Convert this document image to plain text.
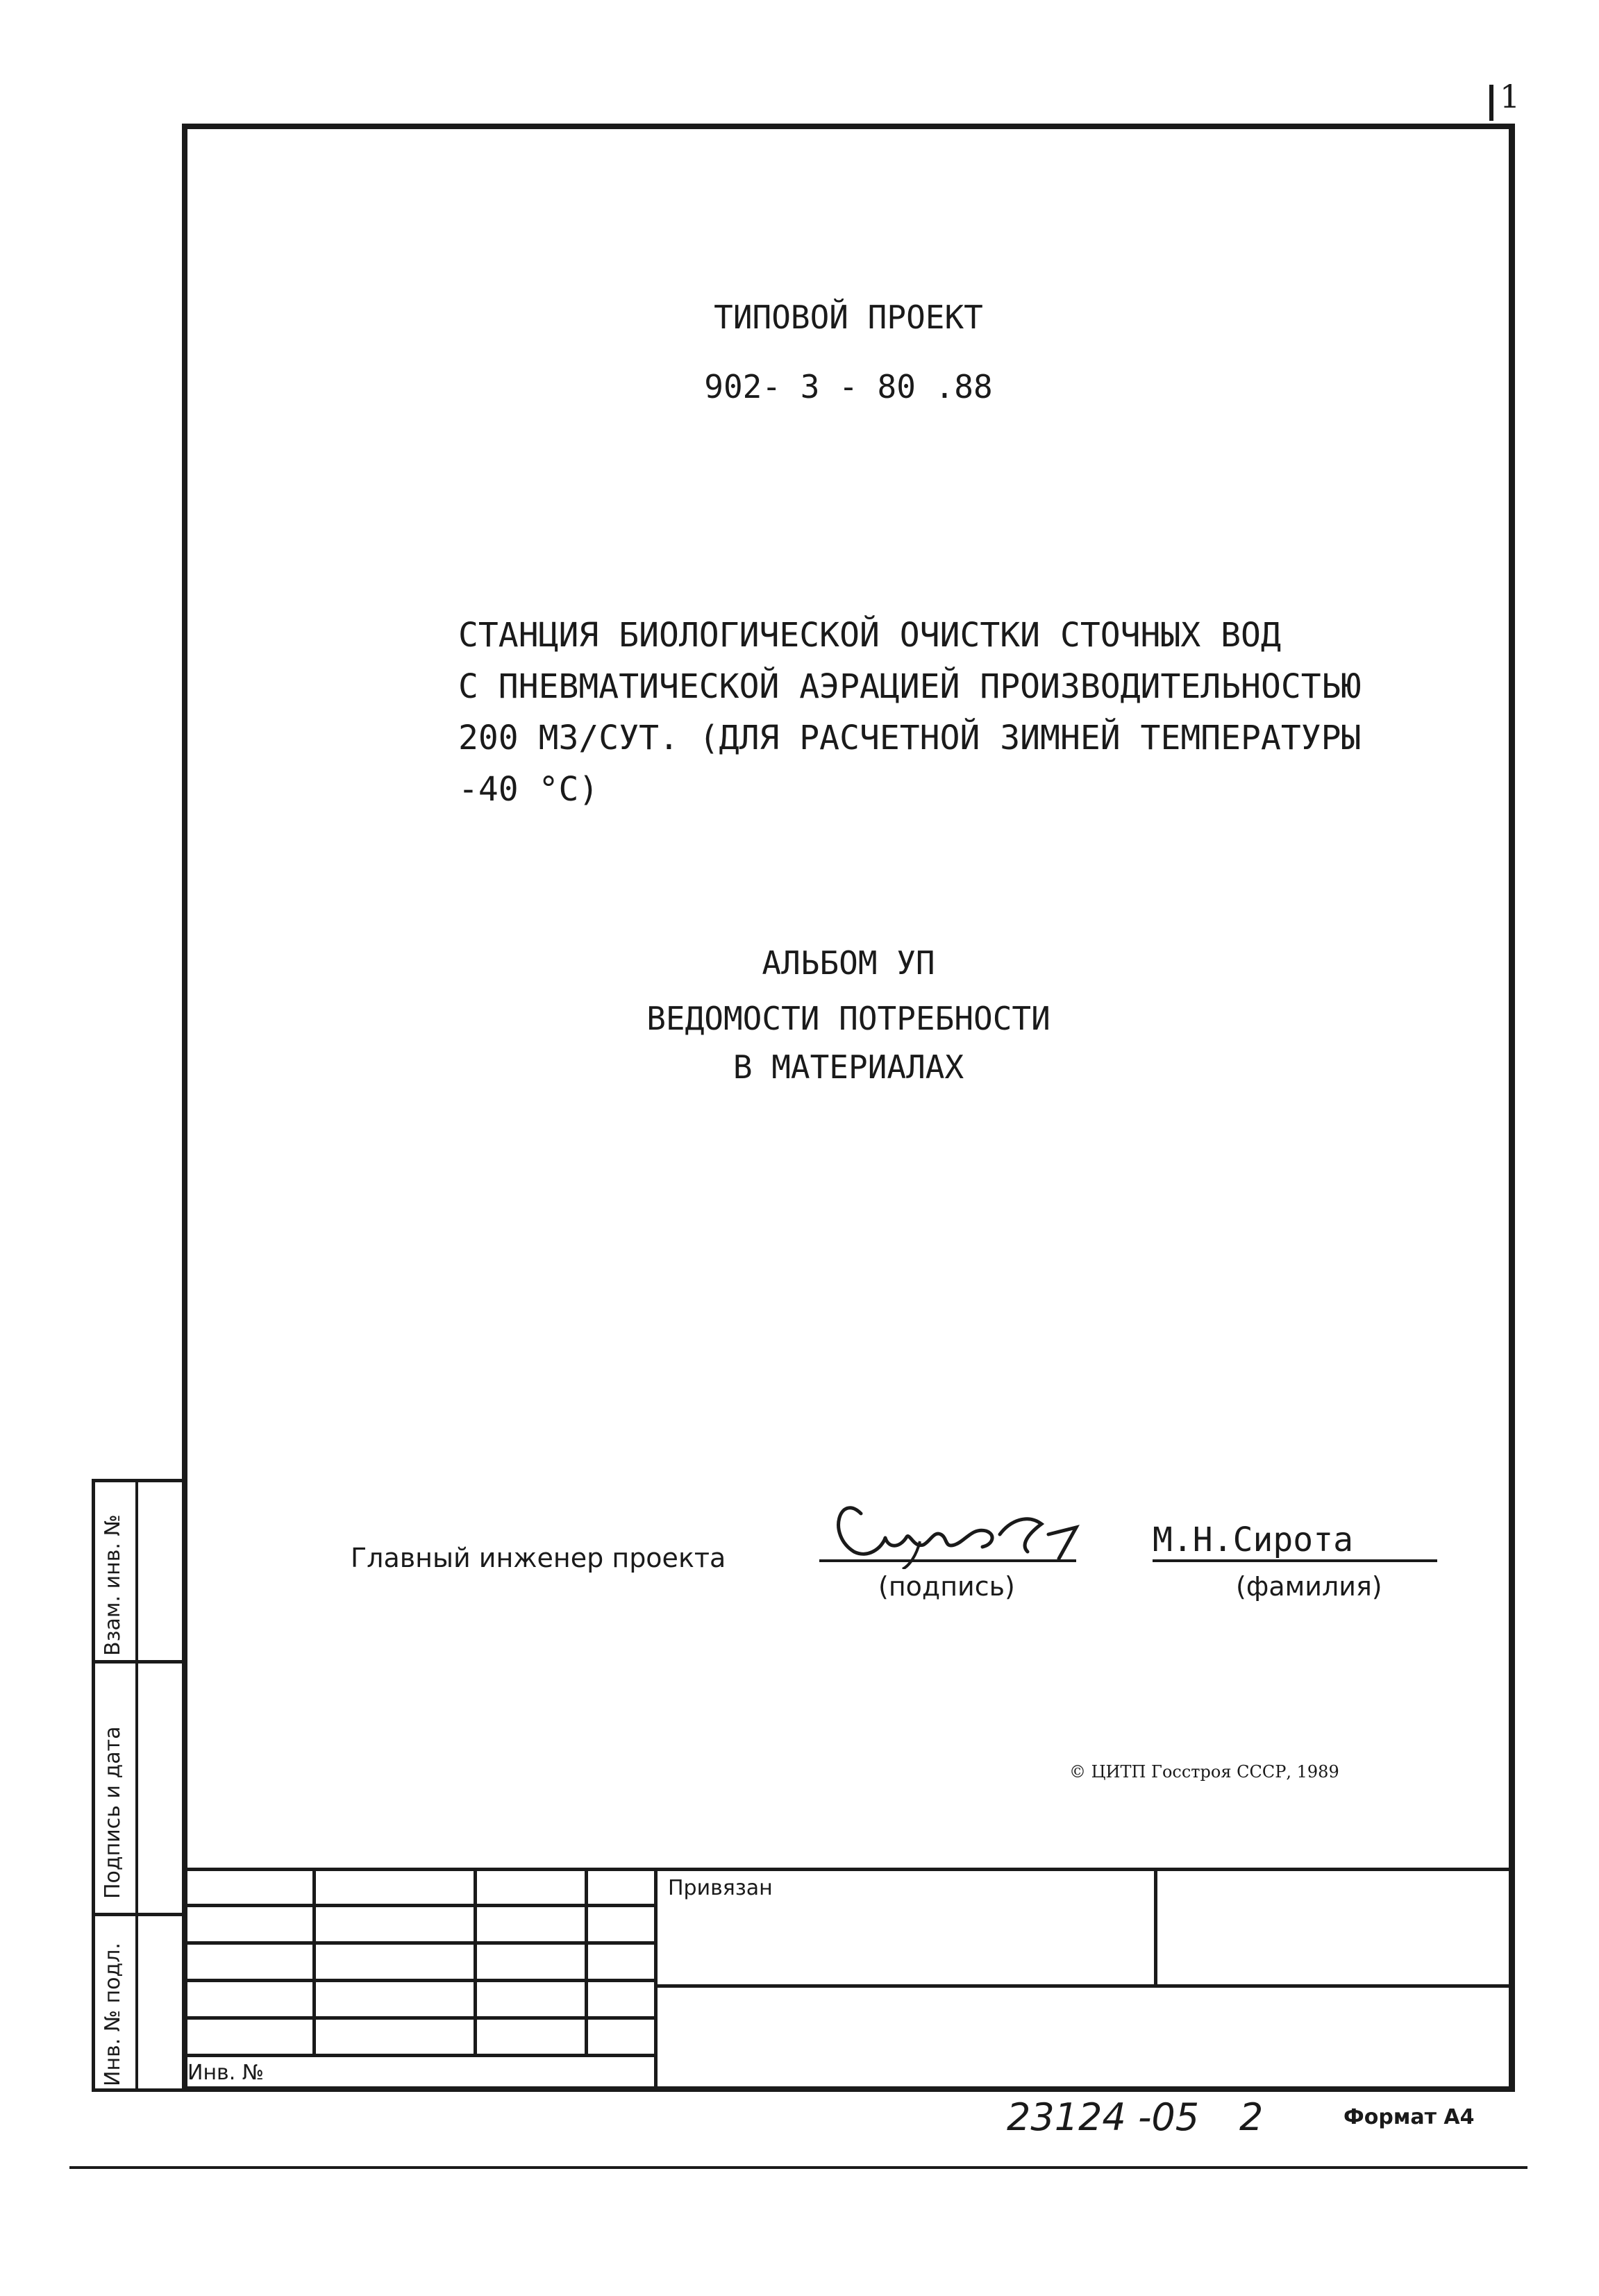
1
ТИПОВОЙ ПРОЕКТ
902- 3 - 80 .88
СТАНЦИЯ БИОЛОГИЧЕСКОЙ ОЧИСТКИ СТОЧНЫХ ВОД
С ПНЕВМАТИЧЕСКОЙ АЭРАЦИЕЙ ПРОИЗВОДИТЕЛЬНОСТЬЮ
200 МЗ/СУТ. (ДЛЯ РАСЧЕТНОЙ ЗИМНЕЙ ТЕМПЕРАТУРЫ
-40 °С)
АЛЬБОМ УП
ВЕДОМОСТИ ПОТРЕБНОСТИ
В МАТЕРИАЛАХ
Главный инженер проекта
(подпись)
М.Н.Сирота
(фамилия)
© ЦИТП Госстроя СССР, 1989
Взам. инв. №
Подпись и дата
Инв. № подл.
Привязан
Инв. №
23124 -05 2	Формат А4
